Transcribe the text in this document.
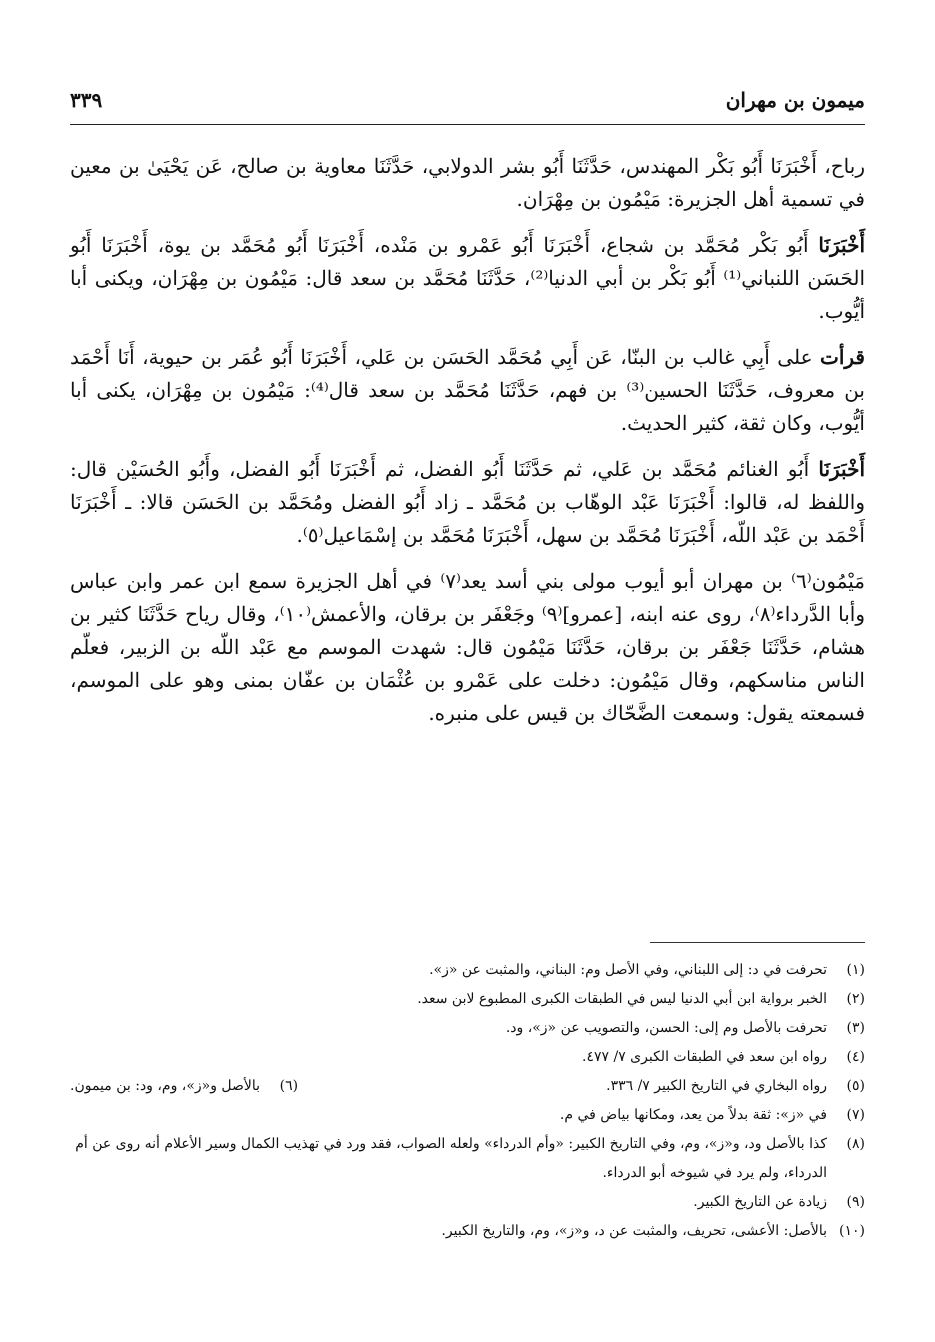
ميمون بن مهران
٣٣٩

رباح، أَخْبَرَنَا أَبُو بَكْر المهندس، حَدَّثَنَا أَبُو بشر الدولابي، حَدَّثَنَا معاوية بن صالح، عَن يَحْيَىٰ بن معين في تسمية أهل الجزيرة: مَيْمُون بن مِهْرَان.

أَخْبَرَنَا أَبُو بَكْر مُحَمَّد بن شجاع، أَخْبَرَنَا أَبُو عَمْرو بن مَنْده، أَخْبَرَنَا أَبُو مُحَمَّد بن يوة، أَخْبَرَنَا أَبُو الحَسَن اللنباني⁽¹⁾ أَبُو بَكْر بن أبي الدنيا⁽²⁾، حَدَّثَنَا مُحَمَّد بن سعد قال: مَيْمُون بن مِهْرَان، ويكنى أبا أيُّوب.

قرأت على أَبِي غالب بن البنّا، عَن أَبِي مُحَمَّد الحَسَن بن عَلي، أَخْبَرَنَا أَبُو عُمَر بن حيوية، أَنَا أَحْمَد بن معروف، حَدَّثَنَا الحسين⁽³⁾ بن فهم، حَدَّثَنَا مُحَمَّد بن سعد قال⁽⁴⁾: مَيْمُون بن مِهْرَان، يكنى أبا أيُّوب، وكان ثقة، كثير الحديث.

أَخْبَرَنَا أَبُو الغنائم مُحَمَّد بن عَلي، ثم حَدَّثَنَا أَبُو الفضل، ثم أَخْبَرَنَا أَبُو الفضل، وأَبُو الحُسَيْن قال: واللفظ له، قالوا: أَخْبَرَنَا عَبْد الوهّاب بن مُحَمَّد ـ زاد أَبُو الفضل ومُحَمَّد بن الحَسَن قالا: ـ أَخْبَرَنَا أَحْمَد بن عَبْد اللّه، أَخْبَرَنَا مُحَمَّد بن سهل، أَخْبَرَنَا مُحَمَّد بن إسْمَاعيل⁽٥⁾.

مَيْمُون⁽٦⁾ بن مهران أبو أيوب مولى بني أسد يعد⁽٧⁾ في أهل الجزيرة سمع ابن عمر وابن عباس وأبا الدَّرداء⁽٨⁾، روى عنه ابنه، [عمرو]⁽٩⁾ وجَعْفَر بن برقان، والأعمش⁽١٠⁾، وقال رياح حَدَّثَنَا كثير بن هشام، حَدَّثَنَا جَعْفَر بن برقان، حَدَّثَنَا مَيْمُون قال: شهدت الموسم مع عَبْد اللّه بن الزبير، فعلّم الناس مناسكهم، وقال مَيْمُون: دخلت على عَمْرو بن عُثْمَان بن عفّان بمنى وهو على الموسم، فسمعته يقول: وسمعت الضَّحّاك بن قيس على منبره.

(١)
تحرفت في د: إلى اللبناني، وفي الأصل وم: البناني، والمثبت عن «ز».
(٢)
الخبر برواية ابن أبي الدنيا ليس في الطبقات الكبرى المطبوع لابن سعد.
(٣)
تحرفت بالأصل وم إلى: الحسن، والتصويب عن «ز»، ود.
(٤)
رواه ابن سعد في الطبقات الكبرى ٧/ ٤٧٧.
(٥)
رواه البخاري في التاريخ الكبير ٧/ ٣٣٦.
(٦)
بالأصل و«ز»، وم، ود: بن ميمون.
(٧)
في «ز»: ثقة بدلاً من يعد، ومكانها بياض في م.
(٨)
كذا بالأصل ود، و«ز»، وم، وفي التاريخ الكبير: «وأم الدرداء» ولعله الصواب، فقد ورد في تهذيب الكمال وسير الأعلام أنه روى عن أم الدرداء، ولم يرد في شيوخه أبو الدرداء.
(٩)
زيادة عن التاريخ الكبير.
(١٠)
بالأصل: الأعشى، تحريف، والمثبت عن د، و«ز»، وم، والتاريخ الكبير.
